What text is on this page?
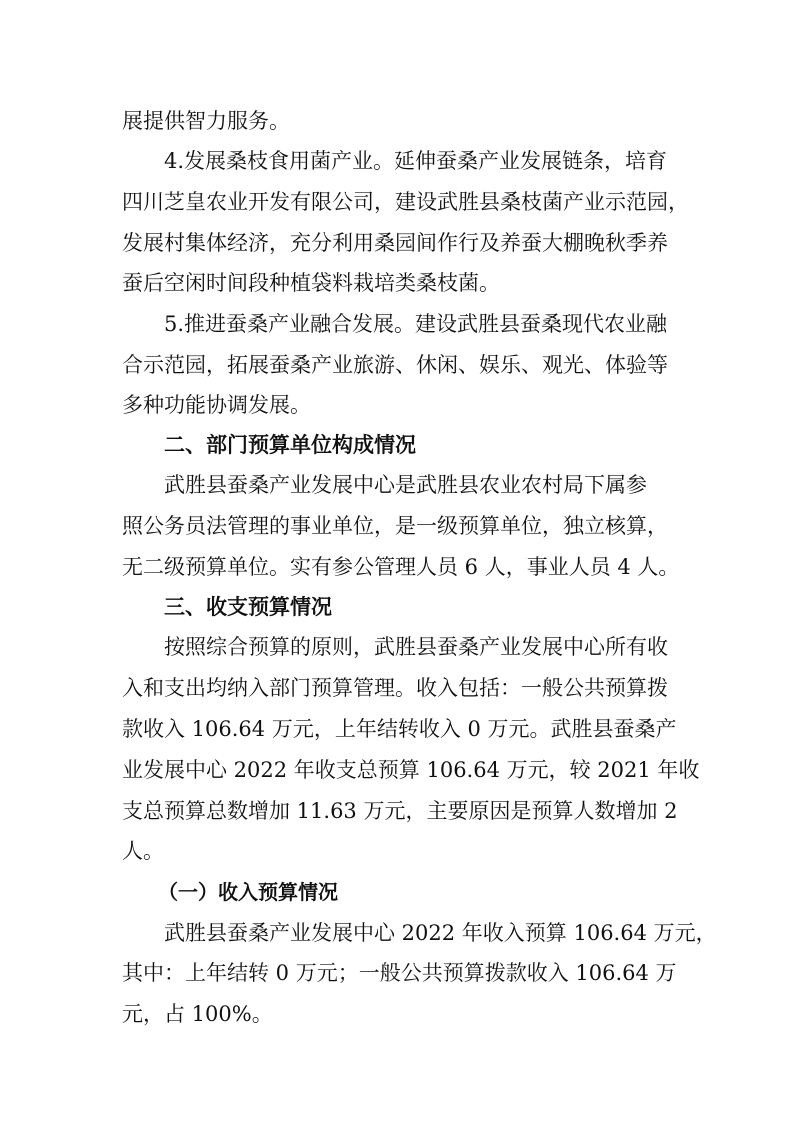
展提供智力服务。
4.发展桑枝食用菌产业。延伸蚕桑产业发展链条，培育
四川芝皇农业开发有限公司，建设武胜县桑枝菌产业示范园，
发展村集体经济，充分利用桑园间作行及养蚕大棚晚秋季养
蚕后空闲时间段种植袋料栽培类桑枝菌。
5.推进蚕桑产业融合发展。建设武胜县蚕桑现代农业融
合示范园，拓展蚕桑产业旅游、休闲、娱乐、观光、体验等
多种功能协调发展。
二、部门预算单位构成情况
武胜县蚕桑产业发展中心是武胜县农业农村局下属参
照公务员法管理的事业单位，是一级预算单位，独立核算，
无二级预算单位。实有参公管理人员 6 人，事业人员 4 人。
三、收支预算情况
按照综合预算的原则，武胜县蚕桑产业发展中心所有收
入和支出均纳入部门预算管理。收入包括：一般公共预算拨
款收入 106.64 万元，上年结转收入 0 万元。武胜县蚕桑产
业发展中心 2022 年收支总预算 106.64 万元，较 2021 年收
支总预算总数增加 11.63 万元，主要原因是预算人数增加 2
人。
（一）收入预算情况
武胜县蚕桑产业发展中心 2022 年收入预算 106.64 万元，
其中：上年结转 0 万元；一般公共预算拨款收入 106.64 万
元，占 100%。
